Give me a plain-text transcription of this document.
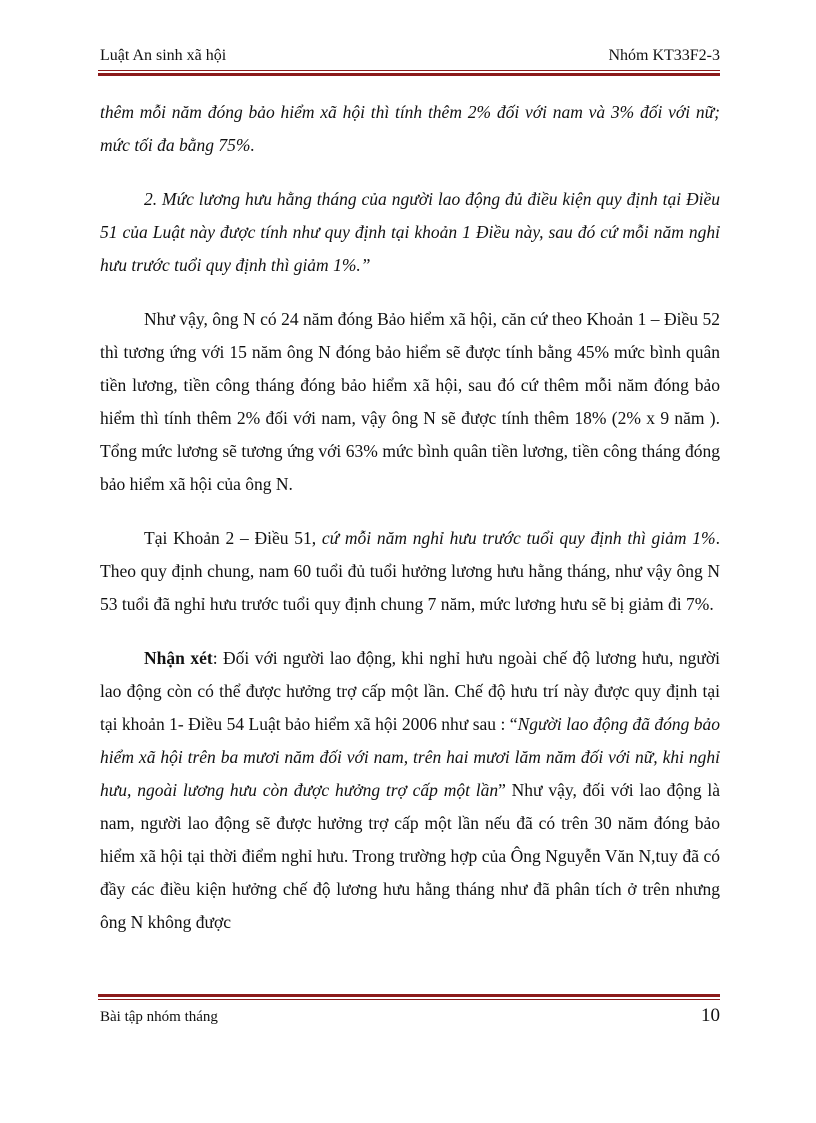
Luật An sinh xã hội	Nhóm KT33F2-3

thêm mỗi năm đóng bảo hiểm xã hội thì tính thêm 2% đối với nam và 3% đối với nữ; mức tối đa bằng 75%.

2. Mức lương hưu hằng tháng của người lao động đủ điều kiện quy định tại Điều 51 của Luật này được tính như quy định tại khoản 1 Điều này, sau đó cứ mỗi năm nghỉ hưu trước tuổi quy định thì giảm 1%.”

Như vậy, ông N có 24 năm đóng Bảo hiểm xã hội, căn cứ theo Khoản 1 – Điều 52 thì tương ứng với 15 năm ông N đóng bảo hiểm sẽ được tính bằng 45% mức bình quân tiền lương, tiền công tháng đóng bảo hiểm xã hội, sau đó cứ thêm mỗi năm đóng bảo hiểm thì tính thêm 2% đối với nam, vậy ông N sẽ được tính thêm 18% (2% x 9 năm ). Tổng mức lương sẽ tương ứng với 63% mức bình quân tiền lương, tiền công tháng đóng bảo hiểm xã hội của ông N.

Tại Khoản 2 – Điều 51, cứ mỗi năm nghỉ hưu trước tuổi quy định thì giảm 1%. Theo quy định chung, nam 60 tuổi đủ tuổi hưởng lương hưu hằng tháng, như vậy ông N 53 tuổi đã nghỉ hưu trước tuổi quy định chung 7 năm, mức lương hưu sẽ bị giảm đi 7%.

Nhận xét: Đối với người lao động, khi nghỉ hưu ngoài chế độ lương hưu, người lao động còn có thể được hưởng trợ cấp một lần. Chế độ hưu trí này được quy định tại tại khoản 1- Điều 54 Luật bảo hiểm xã hội 2006 như sau : “Người lao động đã đóng bảo hiểm xã hội trên ba mươi năm đối với nam, trên hai mươi lăm năm đối với nữ, khi nghỉ hưu, ngoài lương hưu còn được hưởng trợ cấp một lần” Như vậy, đối với lao động là nam, người lao động sẽ được hưởng trợ cấp một lần nếu đã có trên 30 năm đóng bảo hiểm xã hội tại thời điểm nghỉ hưu. Trong trường hợp của Ông Nguyễn Văn N,tuy đã có đầy các điều kiện hưởng chế độ lương hưu hằng tháng như đã phân tích ở trên nhưng ông N không được

Bài tập nhóm tháng	10
